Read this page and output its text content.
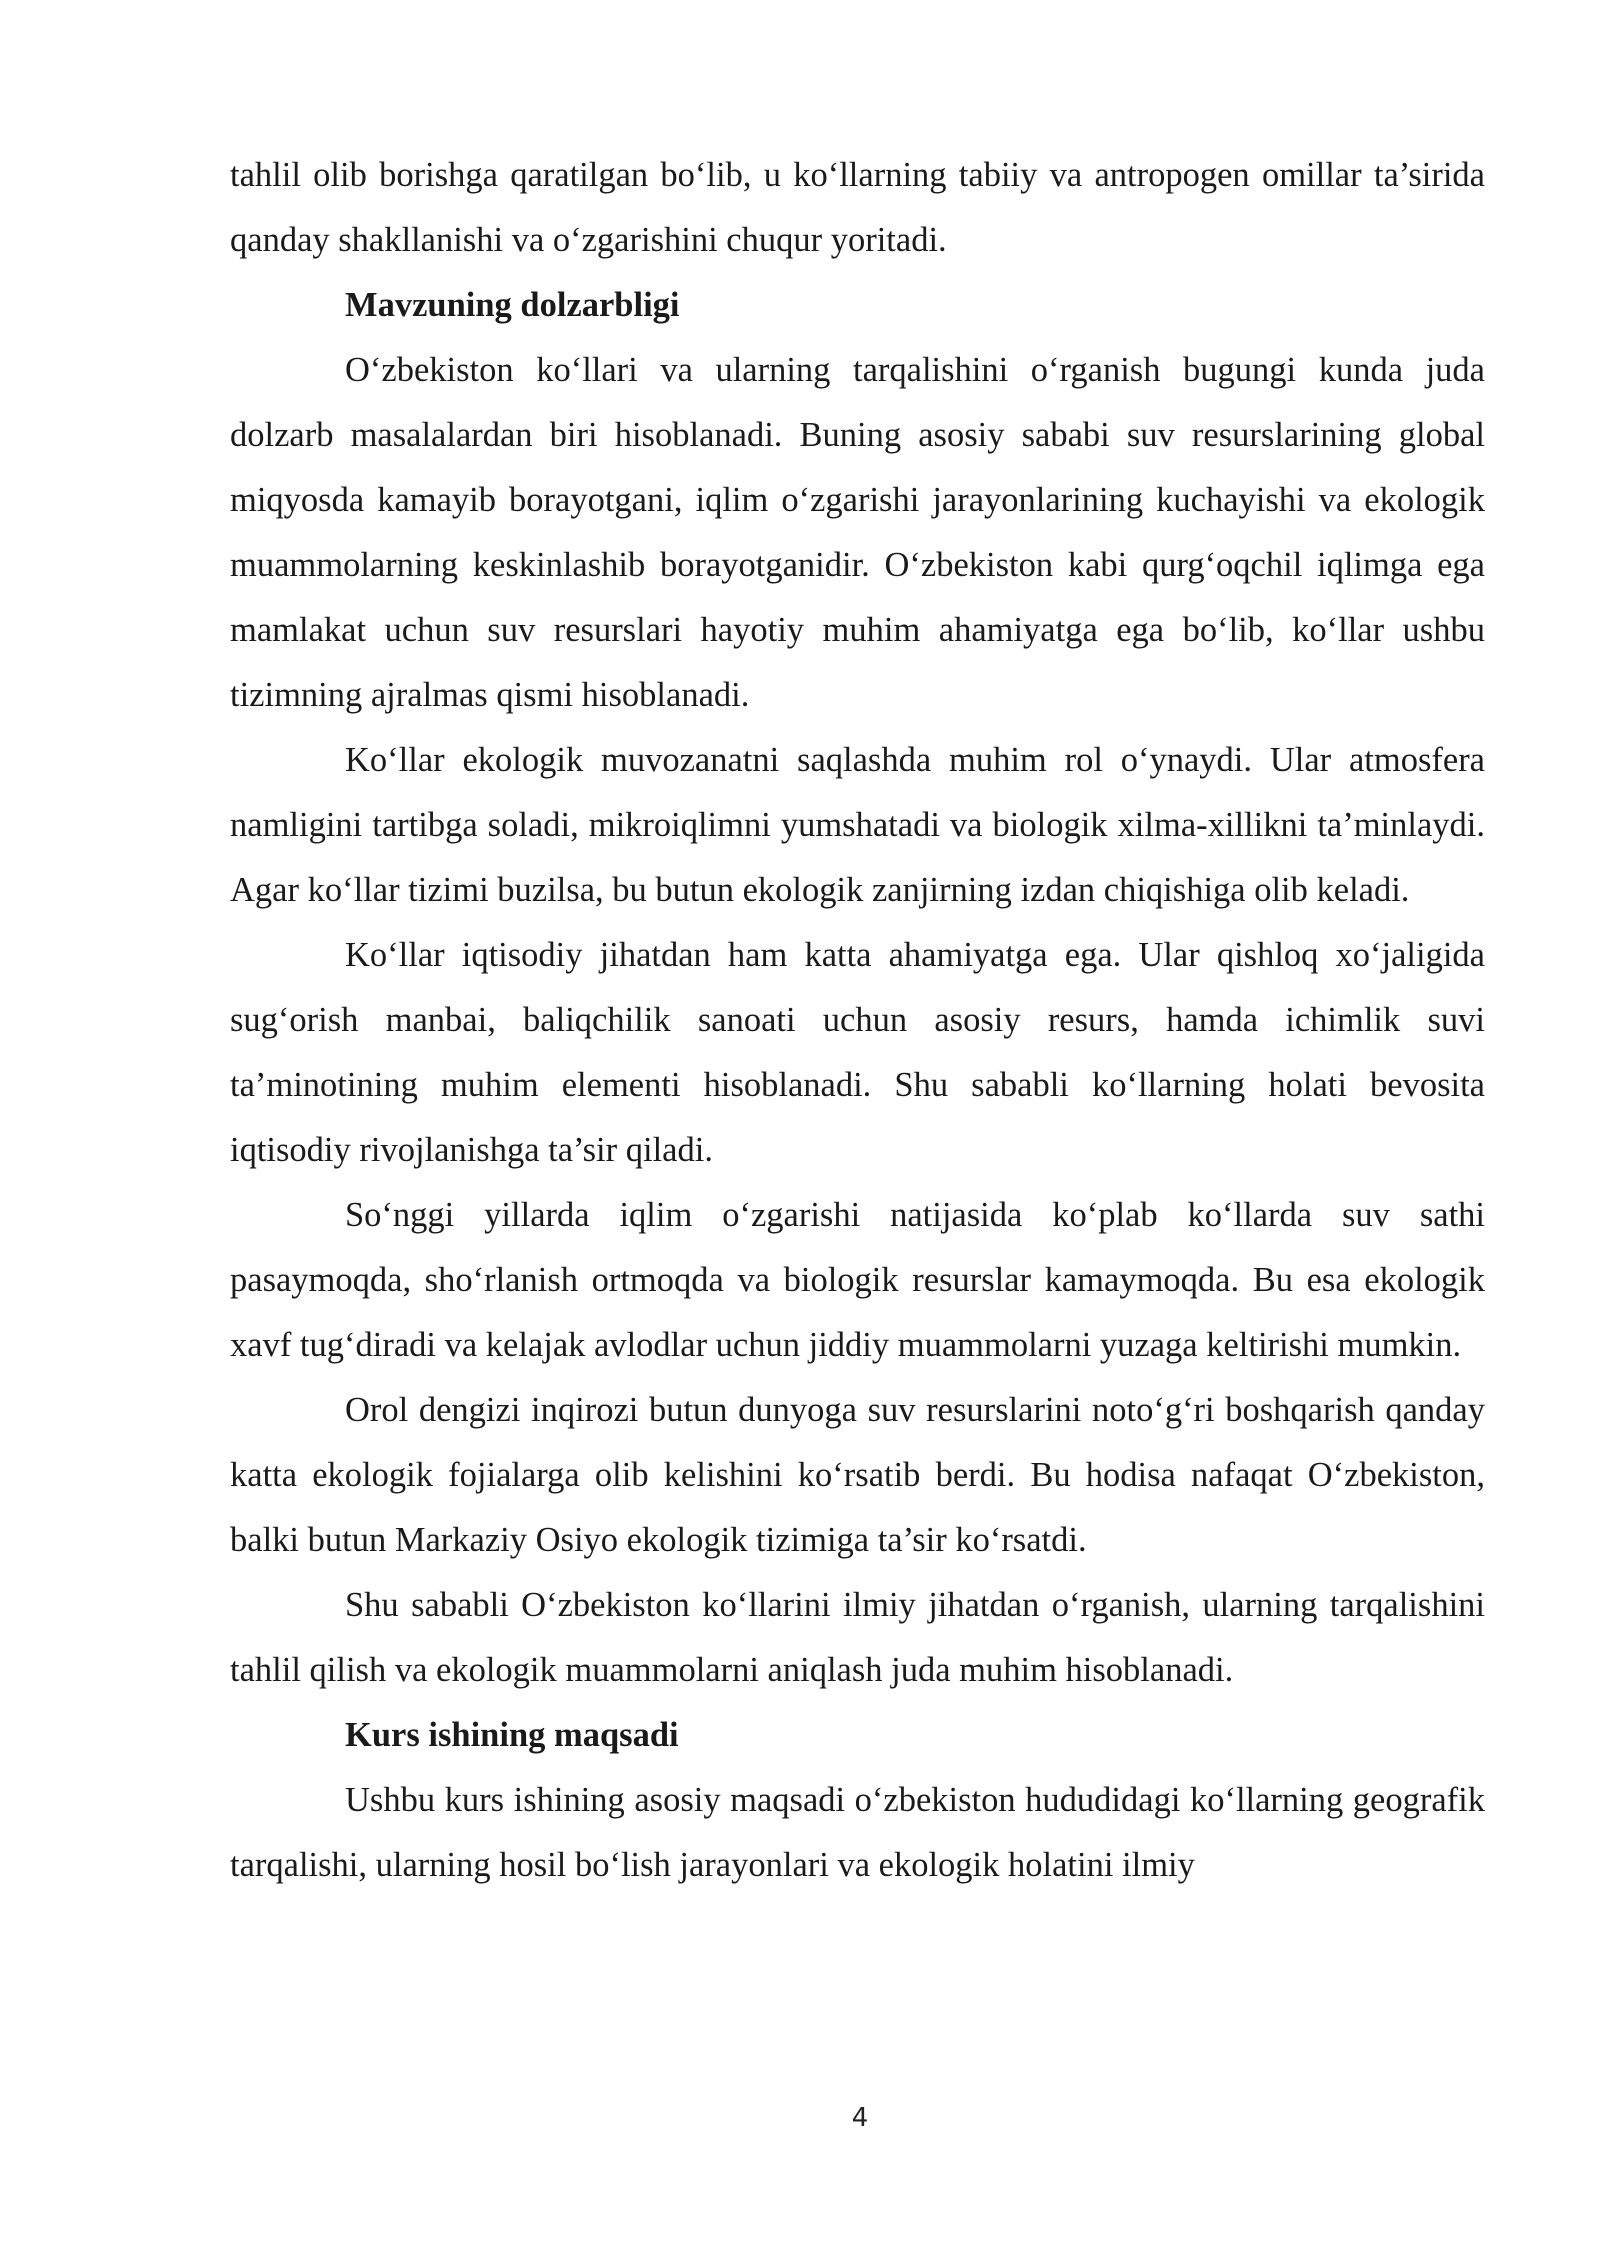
tahlil olib borishga qaratilgan bo‘lib, u ko‘llarning tabiiy va antropogen omillar ta’sirida qanday shakllanishi va o‘zgarishini chuqur yoritadi.

Mavzuning dolzarbligi

O‘zbekiston ko‘llari va ularning tarqalishini o‘rganish bugungi kunda juda dolzarb masalalardan biri hisoblanadi. Buning asosiy sababi suv resurslarining global miqyosda kamayib borayotgani, iqlim o‘zgarishi jarayonlarining kuchayishi va ekologik muammolarning keskinlashib borayotganidir. O‘zbekiston kabi qurg‘oqchil iqlimga ega mamlakat uchun suv resurslari hayotiy muhim ahamiyatga ega bo‘lib, ko‘llar ushbu tizimning ajralmas qismi hisoblanadi.

Ko‘llar ekologik muvozanatni saqlashda muhim rol o‘ynaydi. Ular atmosfera namligini tartibga soladi, mikroiqlimni yumshatadi va biologik xilma-xillikni ta’minlaydi. Agar ko‘llar tizimi buzilsa, bu butun ekologik zanjirning izdan chiqishiga olib keladi.

Ko‘llar iqtisodiy jihatdan ham katta ahamiyatga ega. Ular qishloq xo‘jaligida sug‘orish manbai, baliqchilik sanoati uchun asosiy resurs, hamda ichimlik suvi ta’minotining muhim elementi hisoblanadi. Shu sababli ko‘llarning holati bevosita iqtisodiy rivojlanishga ta’sir qiladi.

So‘nggi yillarda iqlim o‘zgarishi natijasida ko‘plab ko‘llarda suv sathi pasaymoqda, sho‘rlanish ortmoqda va biologik resurslar kamaymoqda. Bu esa ekologik xavf tug‘diradi va kelajak avlodlar uchun jiddiy muammolarni yuzaga keltirishi mumkin.

Orol dengizi inqirozi butun dunyoga suv resurslarini noto‘g‘ri boshqarish qanday katta ekologik fojialarga olib kelishini ko‘rsatib berdi. Bu hodisa nafaqat O‘zbekiston, balki butun Markaziy Osiyo ekologik tizimiga ta’sir ko‘rsatdi.

Shu sababli O‘zbekiston ko‘llarini ilmiy jihatdan o‘rganish, ularning tarqalishini tahlil qilish va ekologik muammolarni aniqlash juda muhim hisoblanadi.

Kurs ishining maqsadi

Ushbu kurs ishining asosiy maqsadi o‘zbekiston hududidagi ko‘llarning geografik tarqalishi, ularning hosil bo‘lish jarayonlari va ekologik holatini ilmiy

4
